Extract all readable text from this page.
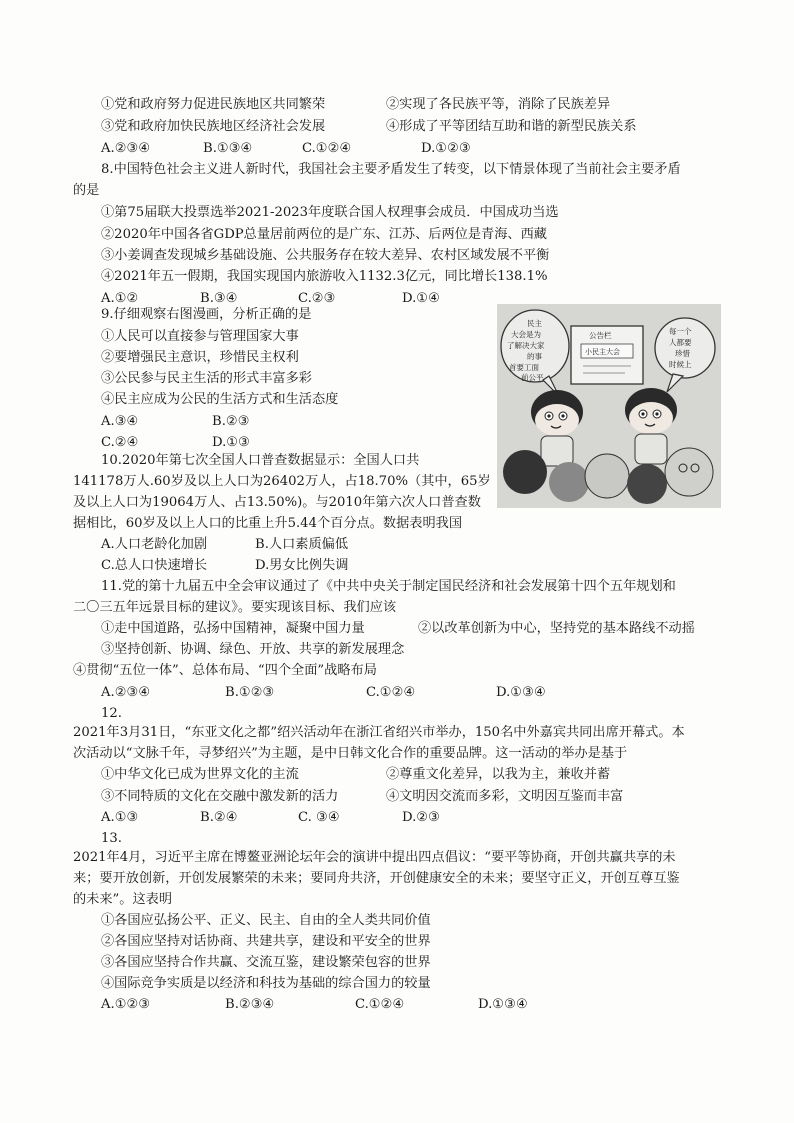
①党和政府努力促进民族地区共同繁荣	②实现了各民族平等，消除了民族差异
③党和政府加快民族地区经济社会发展	④形成了平等团结互助和谐的新型民族关系
A.②③④	B.①③④	C.①②④	D.①②③
8.中国特色社会主义进人新时代，我国社会主要矛盾发生了转变，以下情景体现了当前社会主要矛盾
的是
①第75届联大投票选举2021-2023年度联合国人权理事会成员．中国成功当选
②2020年中国各省GDP总量居前两位的是广东、江苏、后两位是青海、西藏
③小姜调查发现城乡基础设施、公共服务存在较大差异、农村区域发展不平衡
④2021年五一假期，我国实现国内旅游收入1132.3亿元，同比增长138.1%
A.①②	B.③④	C.②③	D.①④
9.仔细观察右图漫画，分析正确的是
①人民可以直接参与管理国家大事
②要增强民主意识，珍惜民主权利
③公民参与民主生活的形式丰富多彩
④民主应成为公民的生活方式和生活态度
A.③④	B.②③
C.②④	D.①③
民主 大会是为 了解决大家 的事 首要工面 前公平
公告栏
小民主大会
每一个 人都要 珍惜 时候上
10.2020年第七次全国人口普查数据显示：全国人口共
141178万人.60岁及以上人口为26402万人，占18.70%（其中，65岁
及以上人口为19064万人、占13.50%)。与2010年第六次人口普查数
据相比，60岁及以上人口的比重上升5.44个百分点。数据表明我国
A.人口老龄化加剧	B.人口素质偏低
C.总人口快速增长	D.男女比例失调
11.党的第十九届五中全会审议通过了《中共中央关于制定国民经济和社会发展第十四个五年规划和
二〇三五年远景目标的建议》。要实现该目标、我们应该
①走中国道路，弘扬中国精神，凝聚中国力量	②以改革创新为中心，坚持党的基本路线不动摇
③坚持创新、协调、绿色、开放、共享的新发展理念
④贯彻“五位一体”、总体布局、“四个全面”战略布局
A.②③④	B.①②③	C.①②④	D.①③④
12.
2021年3月31日，“东亚文化之都”绍兴活动年在浙江省绍兴市举办，150名中外嘉宾共同出席开幕式。本
次活动以“文脉千年，寻梦绍兴”为主题，是中日韩文化合作的重要品牌。这一活动的举办是基于
①中华文化已成为世界文化的主流	②尊重文化差异，以我为主，兼收并蓄
③不同特质的文化在交融中激发新的活力	④文明因交流而多彩，文明因互鉴而丰富
A.①③	B.②④	C. ③④	D.②③
13.
2021年4月，习近平主席在博鳌亚洲论坛年会的演讲中提出四点倡议：“要平等协商，开创共赢共享的未
来；要开放创新，开创发展繁荣的未来；要同舟共济，开创健康安全的未来；要坚守正义，开创互尊互鉴
的未来”。这表明
①各国应弘扬公平、正义、民主、自由的全人类共同价值
②各国应坚持对话协商、共建共享，建设和平安全的世界
③各国应坚持合作共赢、交流互鉴，建设繁荣包容的世界
④国际竞争实质是以经济和科技为基础的综合国力的较量
A.①②③	B.②③④	C.①②④	D.①③④
